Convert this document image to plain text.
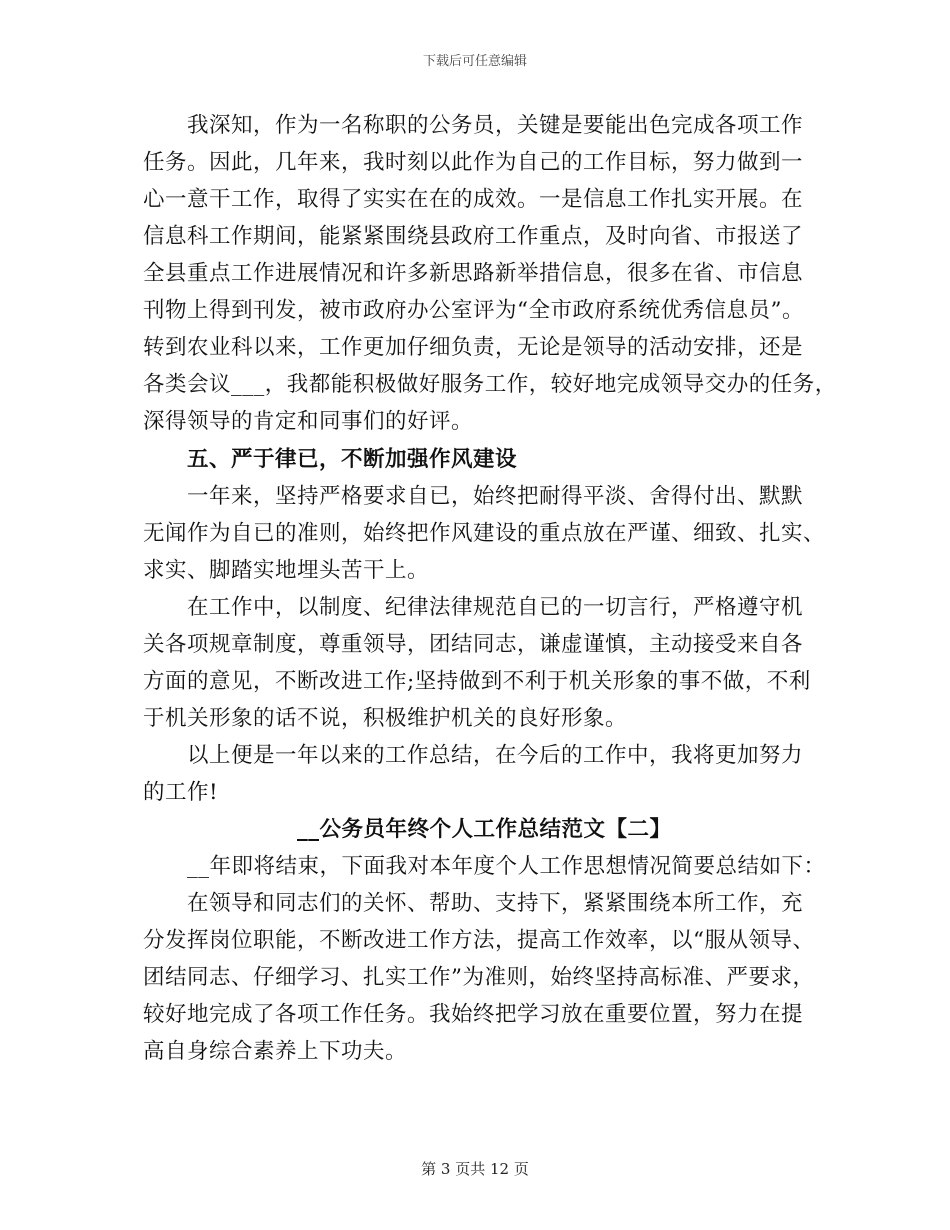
下载后可任意编辑
　　我深知，作为一名称职的公务员，关键是要能出色完成各项工作
任务。因此，几年来，我时刻以此作为自己的工作目标，努力做到一
心一意干工作，取得了实实在在的成效。一是信息工作扎实开展。在
信息科工作期间，能紧紧围绕县政府工作重点，及时向省、市报送了
全县重点工作进展情况和许多新思路新举措信息，很多在省、市信息
刊物上得到刊发，被市政府办公室评为“全市政府系统优秀信息员”。
转到农业科以来，工作更加仔细负责，无论是领导的活动安排，还是
各类会议___，我都能积极做好服务工作，较好地完成领导交办的任务，
深得领导的肯定和同事们的好评。
　　五、严于律已，不断加强作风建设
　　一年来，坚持严格要求自已，始终把耐得平淡、舍得付出、默默
无闻作为自已的准则，始终把作风建设的重点放在严谨、细致、扎实、
求实、脚踏实地埋头苦干上。
　　在工作中，以制度、纪律法律规范自已的一切言行，严格遵守机
关各项规章制度，尊重领导，团结同志，谦虚谨慎，主动接受来自各
方面的意见，不断改进工作;坚持做到不利于机关形象的事不做，不利
于机关形象的话不说，积极维护机关的良好形象。
　　以上便是一年以来的工作总结，在今后的工作中，我将更加努力
的工作!
　　　　　　　__公务员年终个人工作总结范文【二】
　　__年即将结束，下面我对本年度个人工作思想情况简要总结如下：
　　在领导和同志们的关怀、帮助、支持下，紧紧围绕本所工作，充
分发挥岗位职能，不断改进工作方法，提高工作效率，以“服从领导、
团结同志、仔细学习、扎实工作”为准则，始终坚持高标准、严要求，
较好地完成了各项工作任务。我始终把学习放在重要位置，努力在提
高自身综合素养上下功夫。
第 3 页共 12 页
